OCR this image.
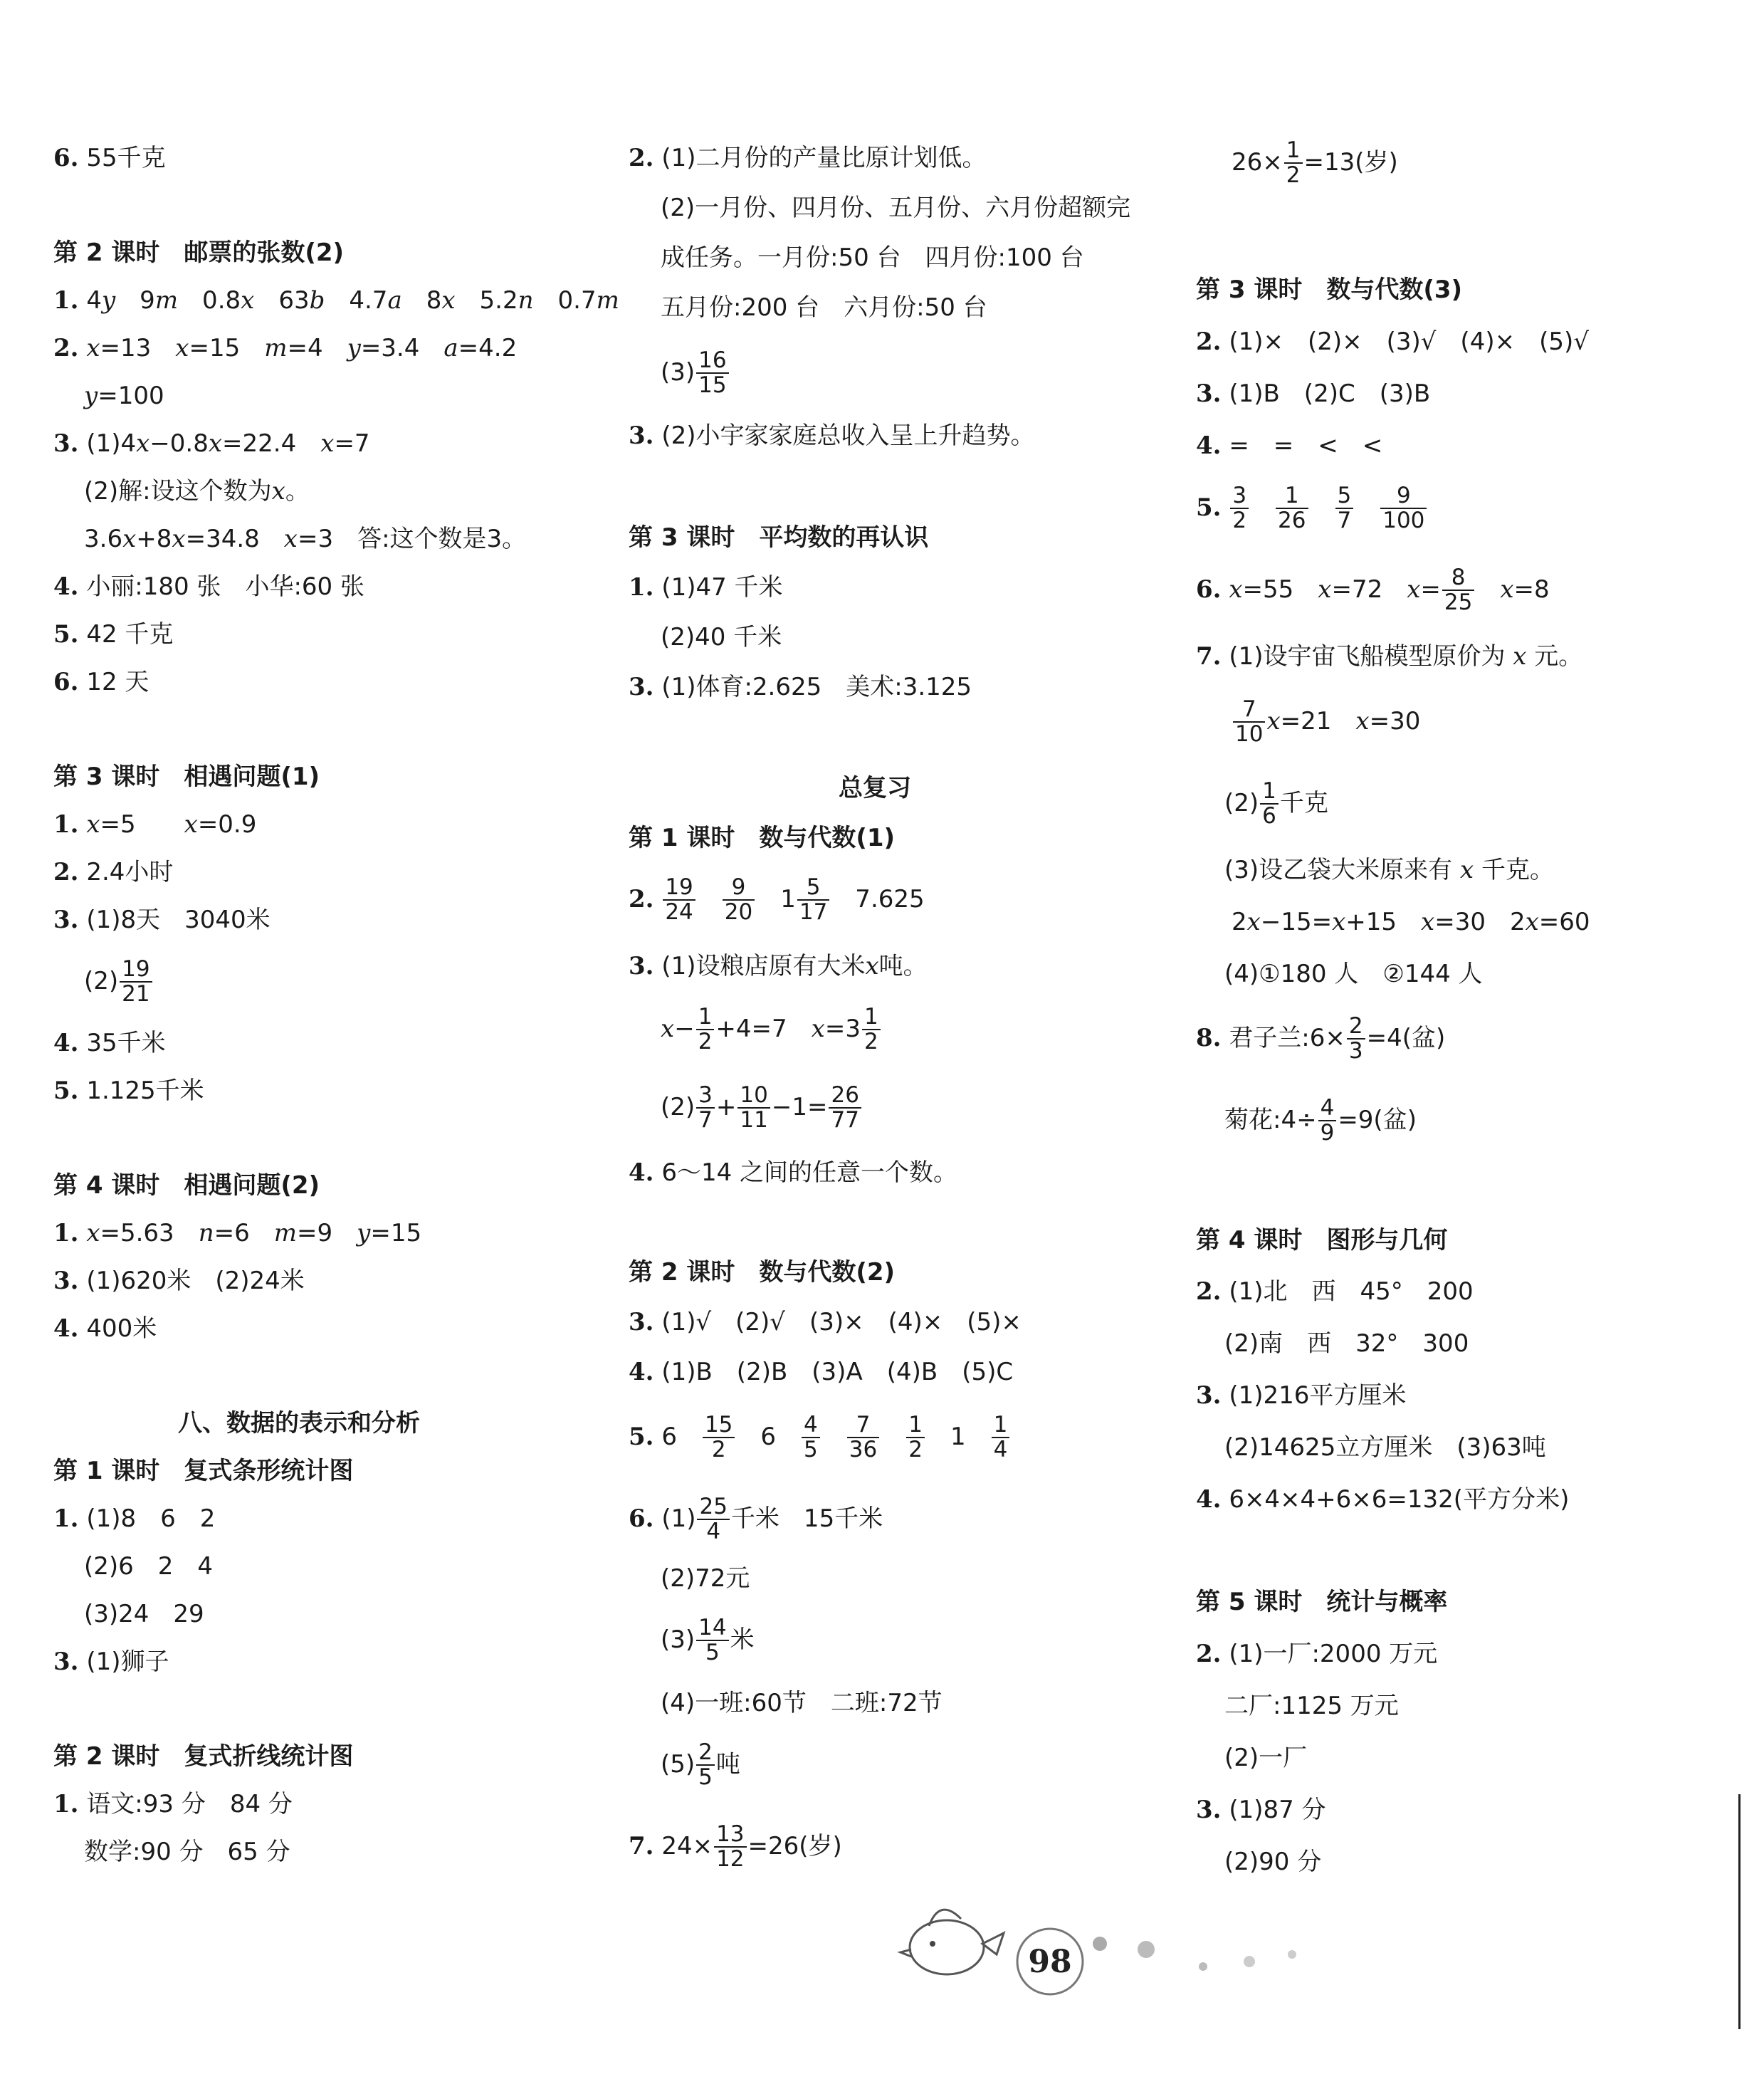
6. 55千克
第 2 课时　邮票的张数(2)
1. 4y　9m　0.8x　63b　4.7a　8x　5.2n　0.7m
2. x=13　x=15　m=4　y=3.4　a=4.2
y=100
3. (1)4x−0.8x=22.4　x=7
(2)解:设这个数为x。
3.6x+8x=34.8　x=3　答:这个数是3。
4. 小丽:180 张　小华:60 张
5. 42 千克
6. 12 天
第 3 课时　相遇问题(1)
1. x=5　　x=0.9
2. 2.4小时
3. (1)8天　3040米
$(2) \frac{19}{21}$
4. 35千米
5. 1.125千米
第 4 课时　相遇问题(2)
1. x=5.63　n=6　m=9　y=15
3. (1)620米　(2)24米
4. 400米
八、数据的表示和分析
第 1 课时　复式条形统计图
1. (1)8　6　2
(2)6　2　4
(3)24　29
3. (1)狮子
第 2 课时　复式折线统计图
1. 语文:93 分　84 分
数学:90 分　65 分
2. (1)二月份的产量比原计划低。
(2)一月份、四月份、五月份、六月份超额完
成任务。一月份:50 台　四月份:100 台
五月份:200 台　六月份:50 台
$(3) \frac{16}{15}$
3. (2)小宇家家庭总收入呈上升趋势。
第 3 课时　平均数的再认识
1. (1)47 千米
(2)40 千米
3. (1)体育:2.625　美术:3.125
总复习
第 1 课时　数与代数(1)
2. $\frac{19}{24}$
　 $\frac{9}{20}$ 　$1 \frac{5}{17}$ 　7.625
3. (1)设粮店原有大米x吨。
$x- \frac{1}{2} +4=7$　$x=3 \frac{1}{2}$
$(2) \frac{3}{7} + \frac{10}{11} -1= \frac{26}{77}$
4. 6～14 之间的任意一个数。
第 2 课时　数与代数(2)
3. (1)√　(2)√　(3)×　(4)×　(5)×
4. (1)B　(2)B　(3)A　(4)B　(5)C
5. 6　 $\frac{15}{2}$ 　6　 $\frac{4}{5}$
　 $\frac{7}{36}$
　 $\frac{1}{2}$ 　1　 $\frac{1}{4}$
6. $(1) \frac{25}{4}$ 千米　15千米
(2)72元
$(3) \frac{14}{5}$ 米
(4)一班:60节　二班:72节
$(5) \frac{2}{5}$ 吨
7. $24\times \frac{13}{12} =26$(岁)
$26\times \frac{1}{2} =13$(岁)
第 3 课时　数与代数(3)
2. (1)×　(2)×　(3)√　(4)×　(5)√
3. (1)B　(2)C　(3)B
4. =　=　<　<
5. $\frac{3}{2}$
　 $\frac{1}{26}$
　 $\frac{5}{7}$
　 $\frac{9}{100}$
6. x=55　x=72　$x= \frac{8}{25}$
　 x=8
7. (1)设宇宙飞船模型原价为 x 元。
$\frac{7}{10} x=21$　x=30
$(2) \frac{1}{6}$ 千克
(3)设乙袋大米原来有 x 千克。
2x−15=x+15　x=30　2x=60
(4)①180 人　②144 人
8. 君子兰:6× $\frac{2}{3} =4$(盆)
菊花:4÷ $\frac{4}{9} =9$(盆)
第 4 课时　图形与几何
2. (1)北　西　45°　200
(2)南　西　32°　300
3. (1)216平方厘米
(2)14625立方厘米　(3)63吨
4. 6×4×4+6×6=132(平方分米)
第 5 课时　统计与概率
2. (1)一厂:2000 万元
二厂:1125 万元
(2)一厂
3. (1)87 分
(2)90 分
98
